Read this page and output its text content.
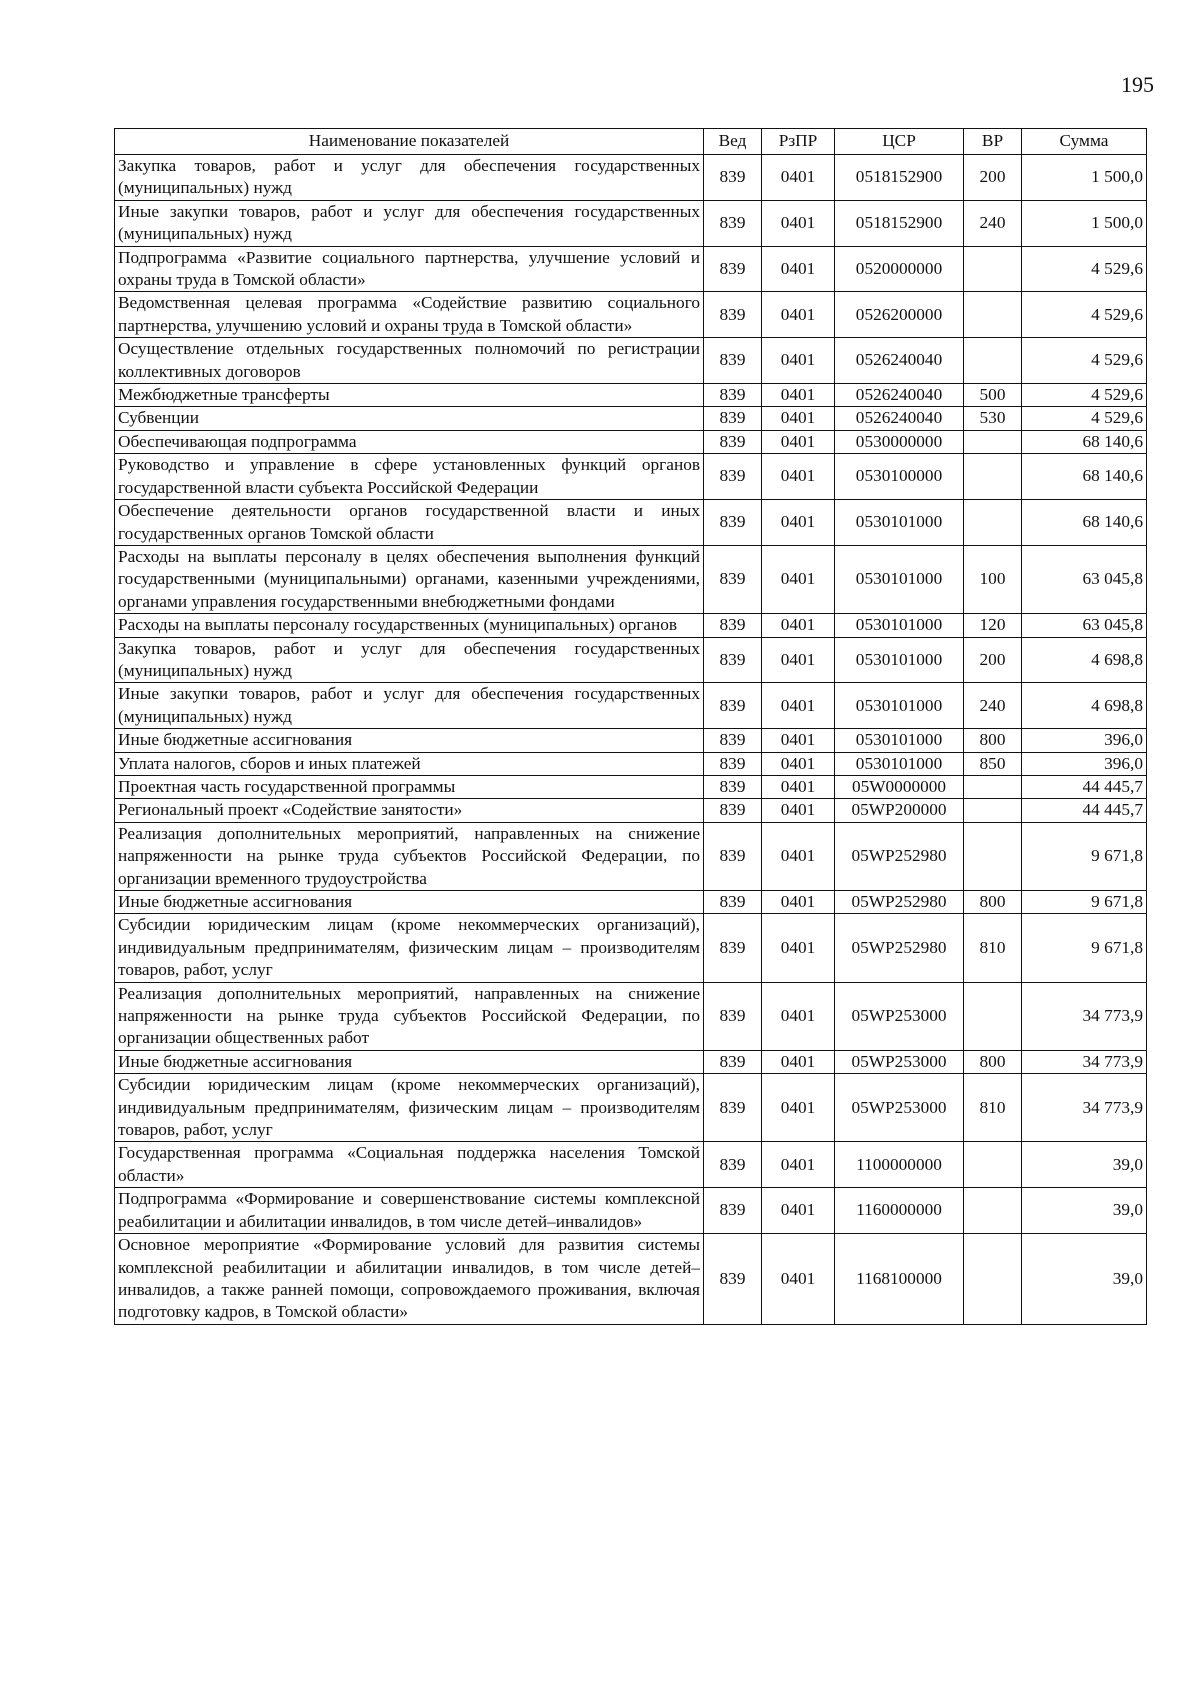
195
Наименование показателей	Вед	РзПР	ЦСР	ВР	Сумма
Закупка товаров, работ и услуг для обеспечения государственных (муниципальных) нужд	839	0401	0518152900	200	1 500,0
Иные закупки товаров, работ и услуг для обеспечения государственных (муниципальных) нужд	839	0401	0518152900	240	1 500,0
Подпрограмма «Развитие социального партнерства, улучшение условий и охраны труда в Томской области»	839	0401	0520000000		4 529,6
Ведомственная целевая программа «Содействие развитию социального партнерства, улучшению условий и охраны труда в Томской области»	839	0401	0526200000		4 529,6
Осуществление отдельных государственных полномочий по регистрации коллективных договоров	839	0401	0526240040		4 529,6
Межбюджетные трансферты	839	0401	0526240040	500	4 529,6
Субвенции	839	0401	0526240040	530	4 529,6
Обеспечивающая подпрограмма	839	0401	0530000000		68 140,6
Руководство и управление в сфере установленных функций органов государственной власти субъекта Российской Федерации	839	0401	0530100000		68 140,6
Обеспечение деятельности органов государственной власти и иных государственных органов Томской области	839	0401	0530101000		68 140,6
Расходы на выплаты персоналу в целях обеспечения выполнения функций государственными (муниципальными) органами, казенными учреждениями, органами управления государственными внебюджетными фондами	839	0401	0530101000	100	63 045,8
Расходы на выплаты персоналу государственных (муниципальных) органов	839	0401	0530101000	120	63 045,8
Закупка товаров, работ и услуг для обеспечения государственных (муниципальных) нужд	839	0401	0530101000	200	4 698,8
Иные закупки товаров, работ и услуг для обеспечения государственных (муниципальных) нужд	839	0401	0530101000	240	4 698,8
Иные бюджетные ассигнования	839	0401	0530101000	800	396,0
Уплата налогов, сборов и иных платежей	839	0401	0530101000	850	396,0
Проектная часть государственной программы	839	0401	05W0000000		44 445,7
Региональный проект «Содействие занятости»	839	0401	05WP200000		44 445,7
Реализация дополнительных мероприятий, направленных на снижение напряженности на рынке труда субъектов Российской Федерации, по организации временного трудоустройства	839	0401	05WP252980		9 671,8
Иные бюджетные ассигнования	839	0401	05WP252980	800	9 671,8
Субсидии юридическим лицам (кроме некоммерческих организаций), индивидуальным предпринимателям, физическим лицам – производителям товаров, работ, услуг	839	0401	05WP252980	810	9 671,8
Реализация дополнительных мероприятий, направленных на снижение напряженности на рынке труда субъектов Российской Федерации, по организации общественных работ	839	0401	05WP253000		34 773,9
Иные бюджетные ассигнования	839	0401	05WP253000	800	34 773,9
Субсидии юридическим лицам (кроме некоммерческих организаций), индивидуальным предпринимателям, физическим лицам – производителям товаров, работ, услуг	839	0401	05WP253000	810	34 773,9
Государственная программа «Социальная поддержка населения Томской области»	839	0401	1100000000		39,0
Подпрограмма «Формирование и совершенствование системы комплексной реабилитации и абилитации инвалидов, в том числе детей–инвалидов»	839	0401	1160000000		39,0
Основное мероприятие «Формирование условий для развития системы комплексной реабилитации и абилитации инвалидов, в том числе детей–инвалидов, а также ранней помощи, сопровождаемого проживания, включая подготовку кадров, в Томской области»	839	0401	1168100000		39,0
